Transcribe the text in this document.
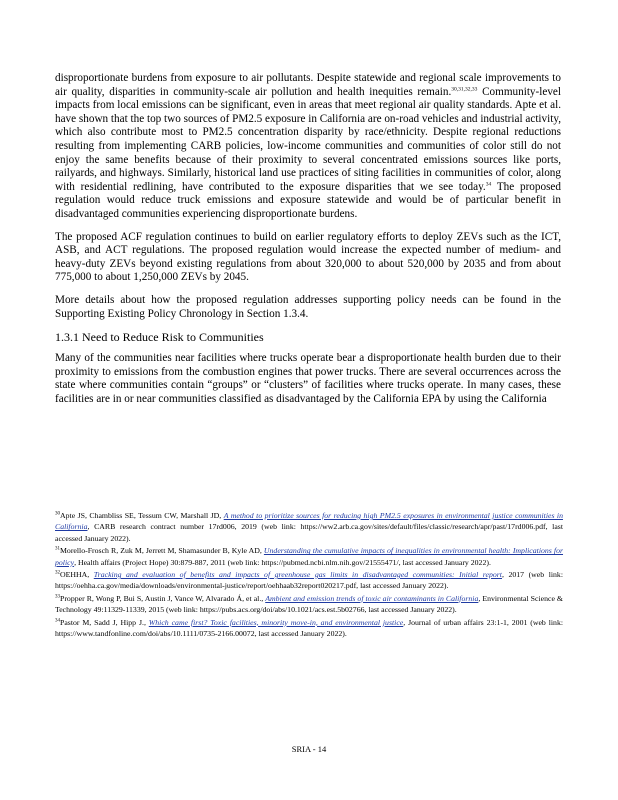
disproportionate burdens from exposure to air pollutants. Despite statewide and regional scale improvements to air quality, disparities in community-scale air pollution and health inequities remain.$^{30,31,32,33}$ Community-level impacts from local emissions can be significant, even in areas that meet regional air quality standards. Apte et al. have shown that the top two sources of PM2.5 exposure in California are on-road vehicles and industrial activity, which also contribute most to PM2.5 concentration disparity by race/ethnicity. Despite regional reductions resulting from implementing CARB policies, low-income communities and communities of color still do not enjoy the same benefits because of their proximity to several concentrated emissions sources like ports, railyards, and highways. Similarly, historical land use practices of siting facilities in communities of color, along with residential redlining, have contributed to the exposure disparities that we see today.$^{34}$ The proposed regulation would reduce truck emissions and exposure statewide and would be of particular benefit in disadvantaged communities experiencing disproportionate burdens.

The proposed ACF regulation continues to build on earlier regulatory efforts to deploy ZEVs such as the ICT, ASB, and ACT regulations. The proposed regulation would increase the expected number of medium- and heavy-duty ZEVs beyond existing regulations from about 320,000 to about 520,000 by 2035 and from about 775,000 to about 1,250,000 ZEVs by 2045.

More details about how the proposed regulation addresses supporting policy needs can be found in the Supporting Existing Policy Chronology in Section 1.3.4.

1.3.1 Need to Reduce Risk to Communities

Many of the communities near facilities where trucks operate bear a disproportionate health burden due to their proximity to emissions from the combustion engines that power trucks. There are several occurrences across the state where communities contain “groups” or “clusters” of facilities where trucks operate. In many cases, these facilities are in or near communities classified as disadvantaged by the California EPA by using the California

$^{30}$Apte JS, Chambliss SE, Tessum CW, Marshall JD, A method to prioritize sources for reducing high PM2.5 exposures in environmental justice communities in California, CARB research contract number 17rd006, 2019 (web link: https://ww2.arb.ca.gov/sites/default/files/classic/research/apr/past/17rd006.pdf, last accessed January 2022).
$^{31}$Morello-Frosch R, Zuk M, Jerrett M, Shamasunder B, Kyle AD, Understanding the cumulative impacts of inequalities in environmental health: Implications for policy, Health affairs (Project Hope) 30:879-887, 2011 (web link: https://pubmed.ncbi.nlm.nih.gov/21555471/, last accessed January 2022).
$^{32}$OEHHA, Tracking and evaluation of benefits and impacts of greenhouse gas limits in disadvantaged communities: Initial report, 2017 (web link: https://oehha.ca.gov/media/downloads/environmental-justice/report/oehhaab32report020217.pdf, last accessed January 2022).
$^{33}$Propper R, Wong P, Bui S, Austin J, Vance W, Alvarado Á, et al., Ambient and emission trends of toxic air contaminants in California, Environmental Science & Technology 49:11329-11339, 2015 (web link: https://pubs.acs.org/doi/abs/10.1021/acs.est.5b02766, last accessed January 2022).
$^{34}$Pastor M, Sadd J, Hipp J., Which came first? Toxic facilities, minority move-in, and environmental justice, Journal of urban affairs 23:1-1, 2001 (web link: https://www.tandfonline.com/doi/abs/10.1111/0735-2166.00072, last accessed January 2022).
SRIA - 14
